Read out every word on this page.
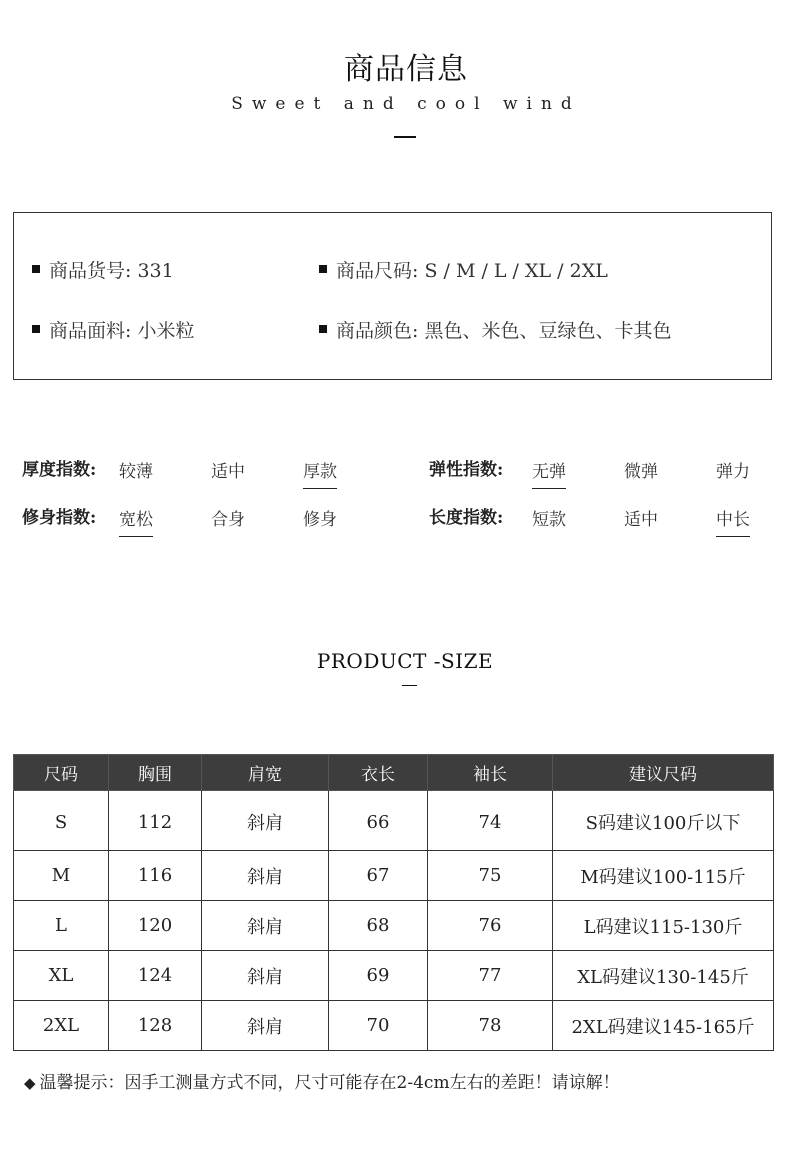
商品信息
Sweet and cool wind
商品货号: 331	商品尺码: S / M / L / XL / 2XL
商品面料: 小米粒	商品颜色: 黑色、米色、豆绿色、卡其色
厚度指数: 较薄	适中	厚款	弹性指数: 无弹	微弹	弹力
修身指数: 宽松	合身	修身	长度指数: 短款	适中	中长
PRODUCT -SIZE
尺码	胸围	肩宽	衣长	袖长	建议尺码
S	112	斜肩	66	74	S码建议100斤以下
M	116	斜肩	67	75	M码建议100-115斤
L	120	斜肩	68	76	L码建议115-130斤
XL	124	斜肩	69	77	XL码建议130-145斤
2XL	128	斜肩	70	78	2XL码建议145-165斤
◆ 温馨提示：因手工测量方式不同，尺寸可能存在2-4cm左右的差距！请谅解！
